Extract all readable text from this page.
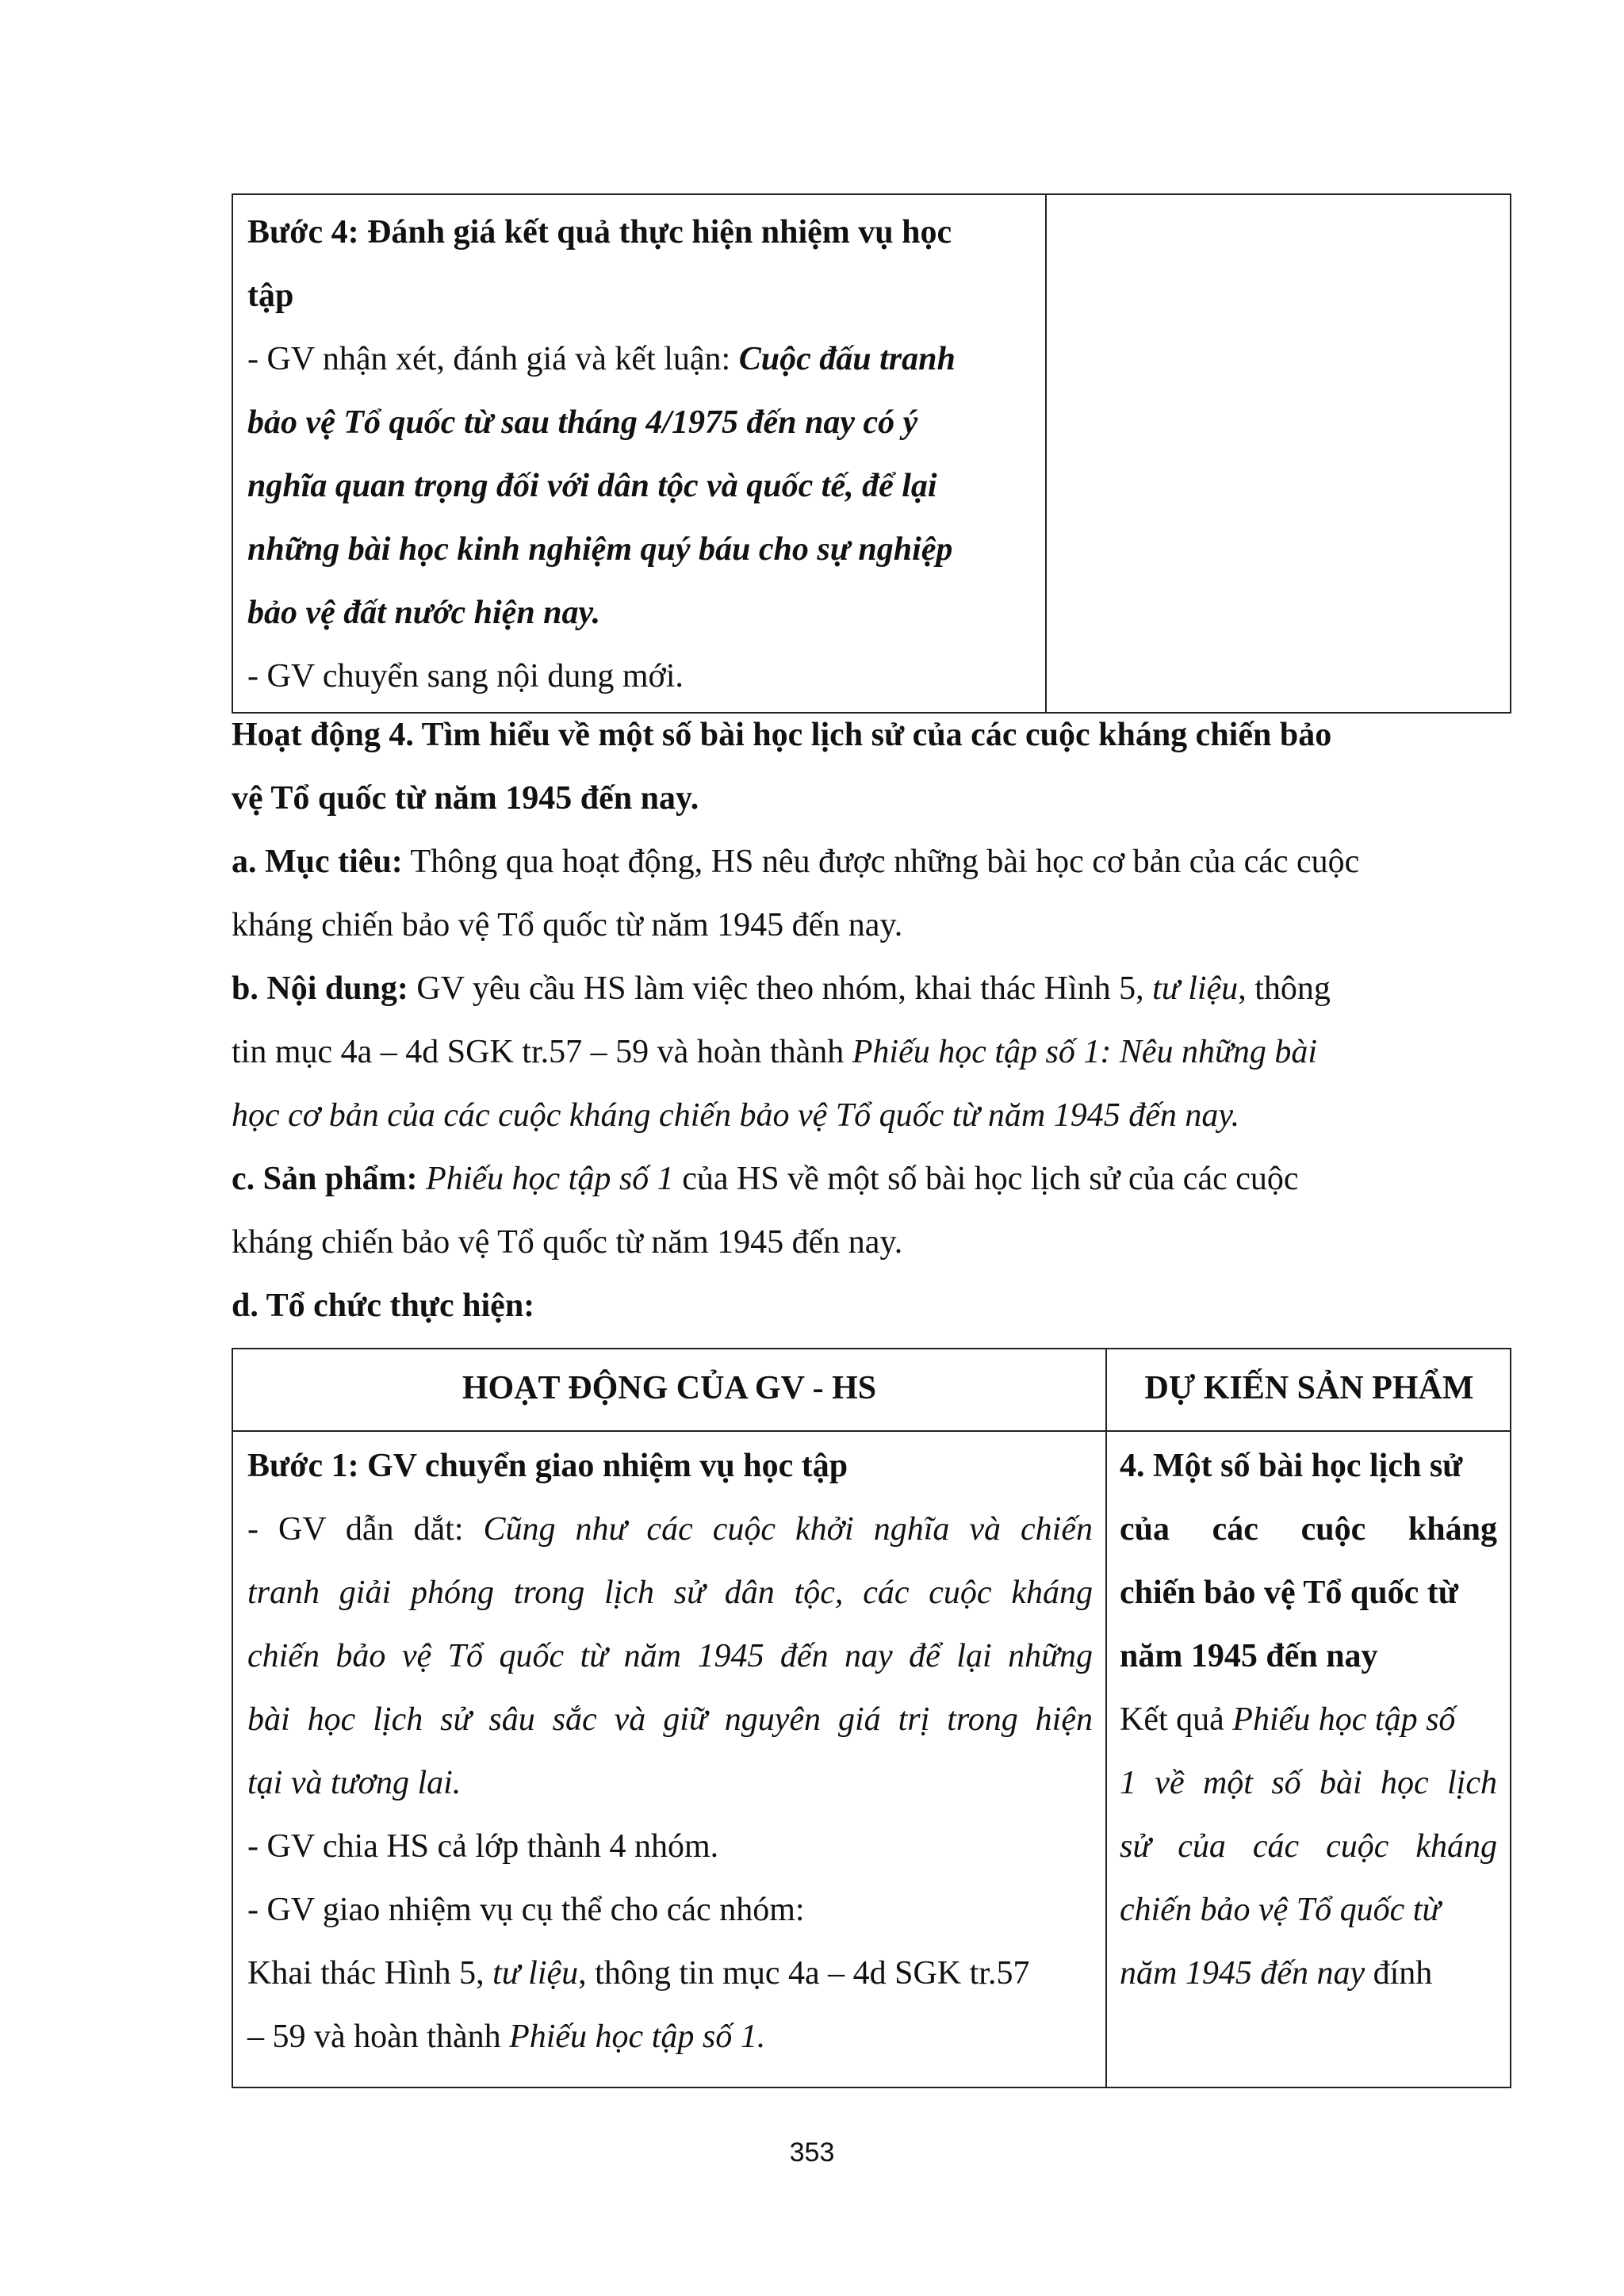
Bước 4: Đánh giá kết quả thực hiện nhiệm vụ học
tập
- GV nhận xét, đánh giá và kết luận: Cuộc đấu tranh
bảo vệ Tổ quốc từ sau tháng 4/1975 đến nay có ý
nghĩa quan trọng đối với dân tộc và quốc tế, để lại
những bài học kinh nghiệm quý báu cho sự nghiệp
bảo vệ đất nước hiện nay.
- GV chuyển sang nội dung mới.
Hoạt động 4. Tìm hiểu về một số bài học lịch sử của các cuộc kháng chiến bảo
vệ Tổ quốc từ năm 1945 đến nay.
a. Mục tiêu: Thông qua hoạt động, HS nêu được những bài học cơ bản của các cuộc
kháng chiến bảo vệ Tổ quốc từ năm 1945 đến nay.
b. Nội dung: GV yêu cầu HS làm việc theo nhóm, khai thác Hình 5, tư liệu, thông
tin mục 4a – 4d SGK tr.57 – 59 và hoàn thành Phiếu học tập số 1: Nêu những bài
học cơ bản của các cuộc kháng chiến bảo vệ Tổ quốc từ năm 1945 đến nay.
c. Sản phẩm: Phiếu học tập số 1 của HS về một số bài học lịch sử của các cuộc
kháng chiến bảo vệ Tổ quốc từ năm 1945 đến nay.
d. Tổ chức thực hiện:
HOẠT ĐỘNG CỦA GV - HS	DỰ KIẾN SẢN PHẨM
Bước 1: GV chuyển giao nhiệm vụ học tập
- GV dẫn dắt: Cũng như các cuộc khởi nghĩa và chiến
tranh giải phóng trong lịch sử dân tộc, các cuộc kháng
chiến bảo vệ Tổ quốc từ năm 1945 đến nay để lại những
bài học lịch sử sâu sắc và giữ nguyên giá trị trong hiện
tại và tương lai.
- GV chia HS cả lớp thành 4 nhóm.
- GV giao nhiệm vụ cụ thể cho các nhóm:
Khai thác Hình 5, tư liệu, thông tin mục 4a – 4d SGK tr.57
– 59 và hoàn thành Phiếu học tập số 1.
4. Một số bài học lịch sử
của các cuộc kháng
chiến bảo vệ Tổ quốc từ
năm 1945 đến nay
Kết quả Phiếu học tập số
1 về một số bài học lịch
sử của các cuộc kháng
chiến bảo vệ Tổ quốc từ
năm 1945 đến nay đính
353
